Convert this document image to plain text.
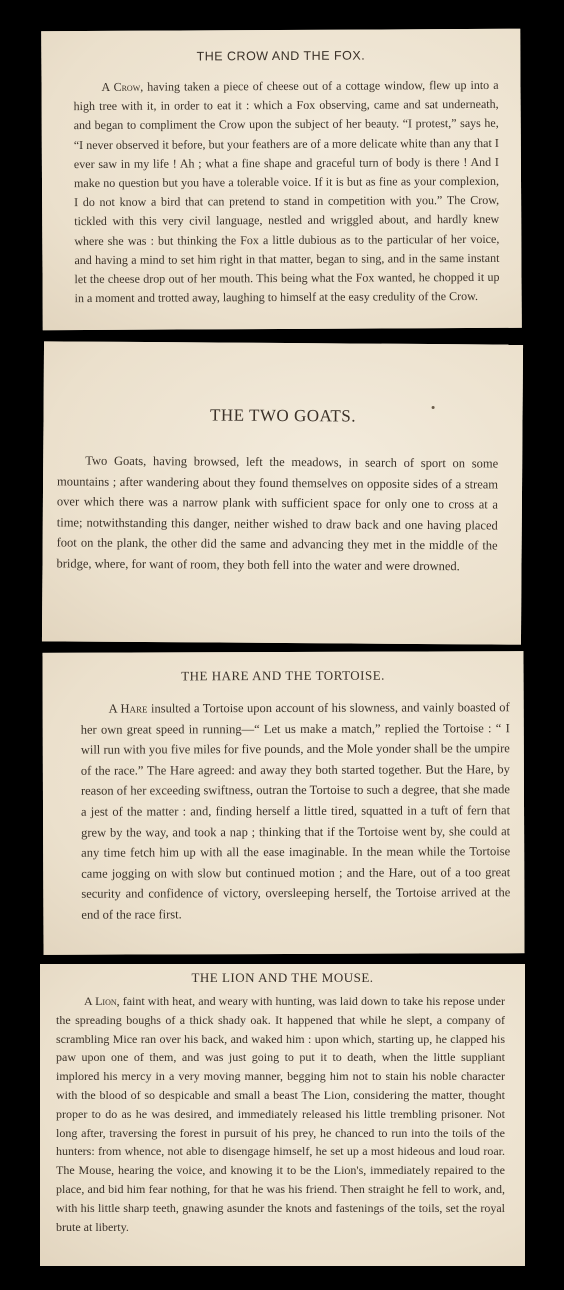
THE CROW AND THE FOX.

A Crow, having taken a piece of cheese out of a cottage window, flew up into a high tree with it, in order to eat it : which a Fox observing, came and sat underneath, and began to compliment the Crow upon the subject of her beauty. “I protest,” says he, “I never observed it before, but your feathers are of a more delicate white than any that I ever saw in my life ! Ah ; what a fine shape and graceful turn of body is there ! And I make no question but you have a tolerable voice. If it is but as fine as your complexion, I do not know a bird that can pretend to stand in competition with you.” The Crow, tickled with this very civil language, nestled and wriggled about, and hardly knew where she was : but thinking the Fox a little dubious as to the particular of her voice, and having a mind to set him right in that matter, began to sing, and in the same instant let the cheese drop out of her mouth. This being what the Fox wanted, he chopped it up in a moment and trotted away, laughing to himself at the easy credulity of the Crow.

THE TWO GOATS.

Two Goats, having browsed, left the meadows, in search of sport on some mountains ; after wandering about they found themselves on opposite sides of a stream over which there was a narrow plank with sufficient space for only one to cross at a time; notwithstanding this danger, neither wished to draw back and one having placed foot on the plank, the other did the same and advancing they met in the middle of the bridge, where, for want of room, they both fell into the water and were drowned.

THE HARE AND THE TORTOISE.

A Hare insulted a Tortoise upon account of his slowness, and vainly boasted of her own great speed in running—“ Let us make a match,” replied the Tortoise : “ I will run with you five miles for five pounds, and the Mole yonder shall be the umpire of the race.” The Hare agreed: and away they both started together. But the Hare, by reason of her exceeding swiftness, outran the Tortoise to such a degree, that she made a jest of the matter : and, finding herself a little tired, squatted in a tuft of fern that grew by the way, and took a nap ; thinking that if the Tortoise went by, she could at any time fetch him up with all the ease imaginable. In the mean while the Tortoise came jogging on with slow but continued motion ; and the Hare, out of a too great security and confidence of victory, oversleeping herself, the Tortoise arrived at the end of the race first.

THE LION AND THE MOUSE.

A Lion, faint with heat, and weary with hunting, was laid down to take his repose under the spreading boughs of a thick shady oak. It happened that while he slept, a company of scrambling Mice ran over his back, and waked him : upon which, starting up, he clapped his paw upon one of them, and was just going to put it to death, when the little suppliant implored his mercy in a very moving manner, begging him not to stain his noble character with the blood of so despicable and small a beast The Lion, considering the matter, thought proper to do as he was desired, and immediately released his little trembling prisoner. Not long after, traversing the forest in pursuit of his prey, he chanced to run into the toils of the hunters: from whence, not able to disengage himself, he set up a most hideous and loud roar. The Mouse, hearing the voice, and knowing it to be the Lion's, immediately repaired to the place, and bid him fear nothing, for that he was his friend. Then straight he fell to work, and, with his little sharp teeth, gnawing asunder the knots and fastenings of the toils, set the royal brute at liberty.
